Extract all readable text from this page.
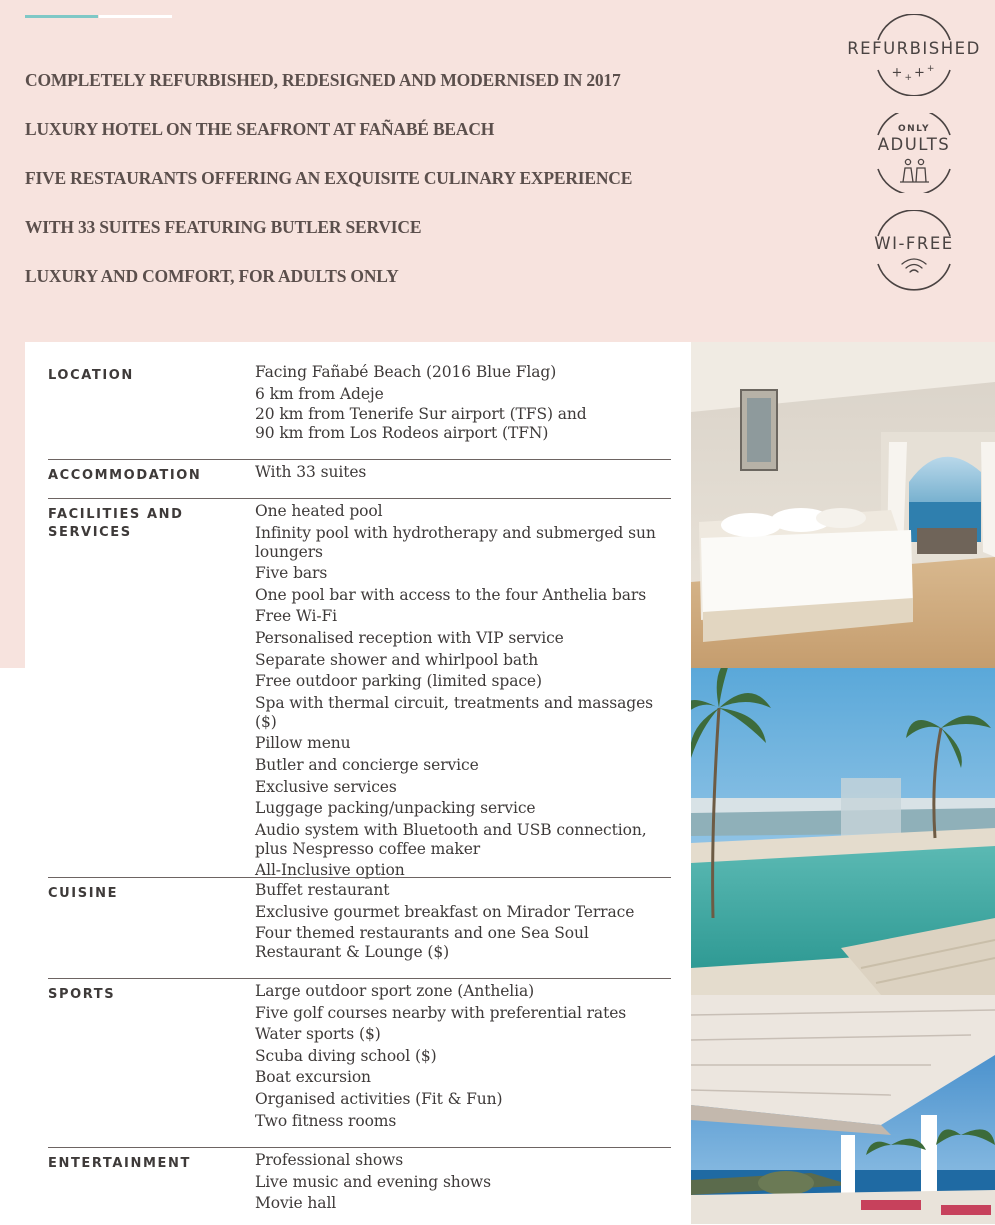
COMPLETELY REFURBISHED, REDESIGNED AND MODERNISED IN 2017
LUXURY HOTEL ON THE SEAFRONT AT FAÑABÉ BEACH
FIVE RESTAURANTS OFFERING AN EXQUISITE CULINARY EXPERIENCE
WITH 33 SUITES FEATURING BUTLER SERVICE
LUXURY AND COMFORT, FOR ADULTS ONLY
REFURBISHED
$+_++^+$
ONLY
ADULTS
WI-FREE
LOCATION	Facing Fañabé Beach (2016 Blue Flag)
6 km from Adeje
20 km from Tenerife Sur airport (TFS) and
90 km from Los Rodeos airport (TFN)
ACCOMMODATION	With 33 suites
FACILITIES AND SERVICES
One heated pool
Infinity pool with hydrotherapy and submerged sun loungers
Five bars
One pool bar with access to the four Anthelia bars
Free Wi-Fi
Personalised reception with VIP service
Separate shower and whirlpool bath
Free outdoor parking (limited space)
Spa with thermal circuit, treatments and massages ($)
Pillow menu
Butler and concierge service
Exclusive services
Luggage packing/unpacking service
Audio system with Bluetooth and USB connection, plus Nespresso coffee maker
All-Inclusive option
CUISINE	Buffet restaurant
Exclusive gourmet breakfast on Mirador Terrace
Four themed restaurants and one Sea Soul Restaurant & Lounge ($)
SPORTS	Large outdoor sport zone (Anthelia)
Five golf courses nearby with preferential rates
Water sports ($)
Scuba diving school ($)
Boat excursion
Organised activities (Fit & Fun)
Two fitness rooms
ENTERTAINMENT	Professional shows
Live music and evening shows
Movie hall
